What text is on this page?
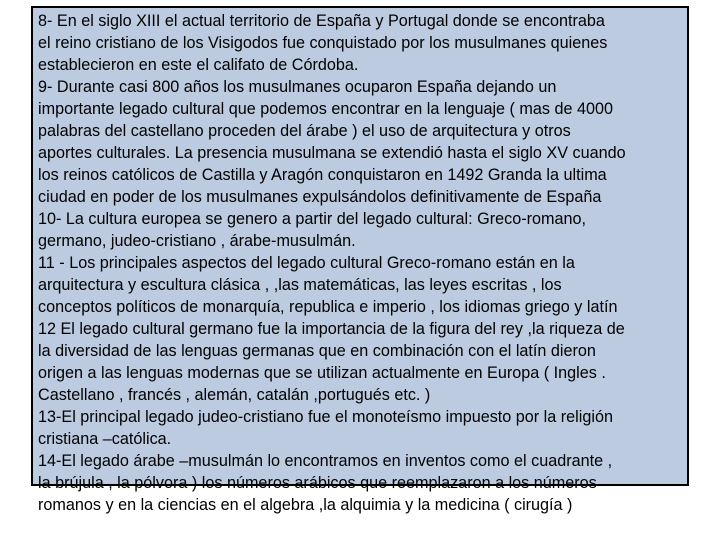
8- En el siglo XIII el actual territorio de España y Portugal donde se encontraba
el reino cristiano de los Visigodos fue conquistado por los musulmanes quienes
establecieron en este el califato de Córdoba.

9- Durante casi 800 años los musulmanes ocuparon España dejando un
importante legado cultural que podemos encontrar en la lenguaje ( mas de 4000
palabras del castellano proceden del árabe ) el uso de arquitectura y otros
aportes culturales. La presencia musulmana se extendió hasta el siglo XV cuando
los reinos católicos de Castilla y Aragón conquistaron en 1492 Granda la ultima
ciudad en poder de los musulmanes expulsándolos definitivamente de España

10- La cultura europea se genero a partir del legado cultural: Greco-romano,
germano, judeo-cristiano , árabe-musulmán.

11 - Los principales aspectos del legado cultural Greco-romano están en la
arquitectura y escultura clásica , ,las matemáticas, las leyes escritas , los
conceptos políticos de monarquía, republica e imperio , los idiomas griego y latín

12 El legado cultural germano fue la importancia de la figura del rey ,la riqueza de
la diversidad de las lenguas germanas que en combinación con el latín dieron
origen a las lenguas modernas que se utilizan actualmente en Europa ( Ingles .
Castellano , francés , alemán, catalán ,portugués etc. )

13-El principal legado judeo-cristiano fue el monoteísmo impuesto por la religión
cristiana –católica.

14-El legado árabe –musulmán lo encontramos en inventos como el cuadrante ,
la brújula , la pólvora ) los números arábicos que reemplazaron a los números
romanos y en la ciencias en el algebra ,la alquimia y la medicina ( cirugía )
